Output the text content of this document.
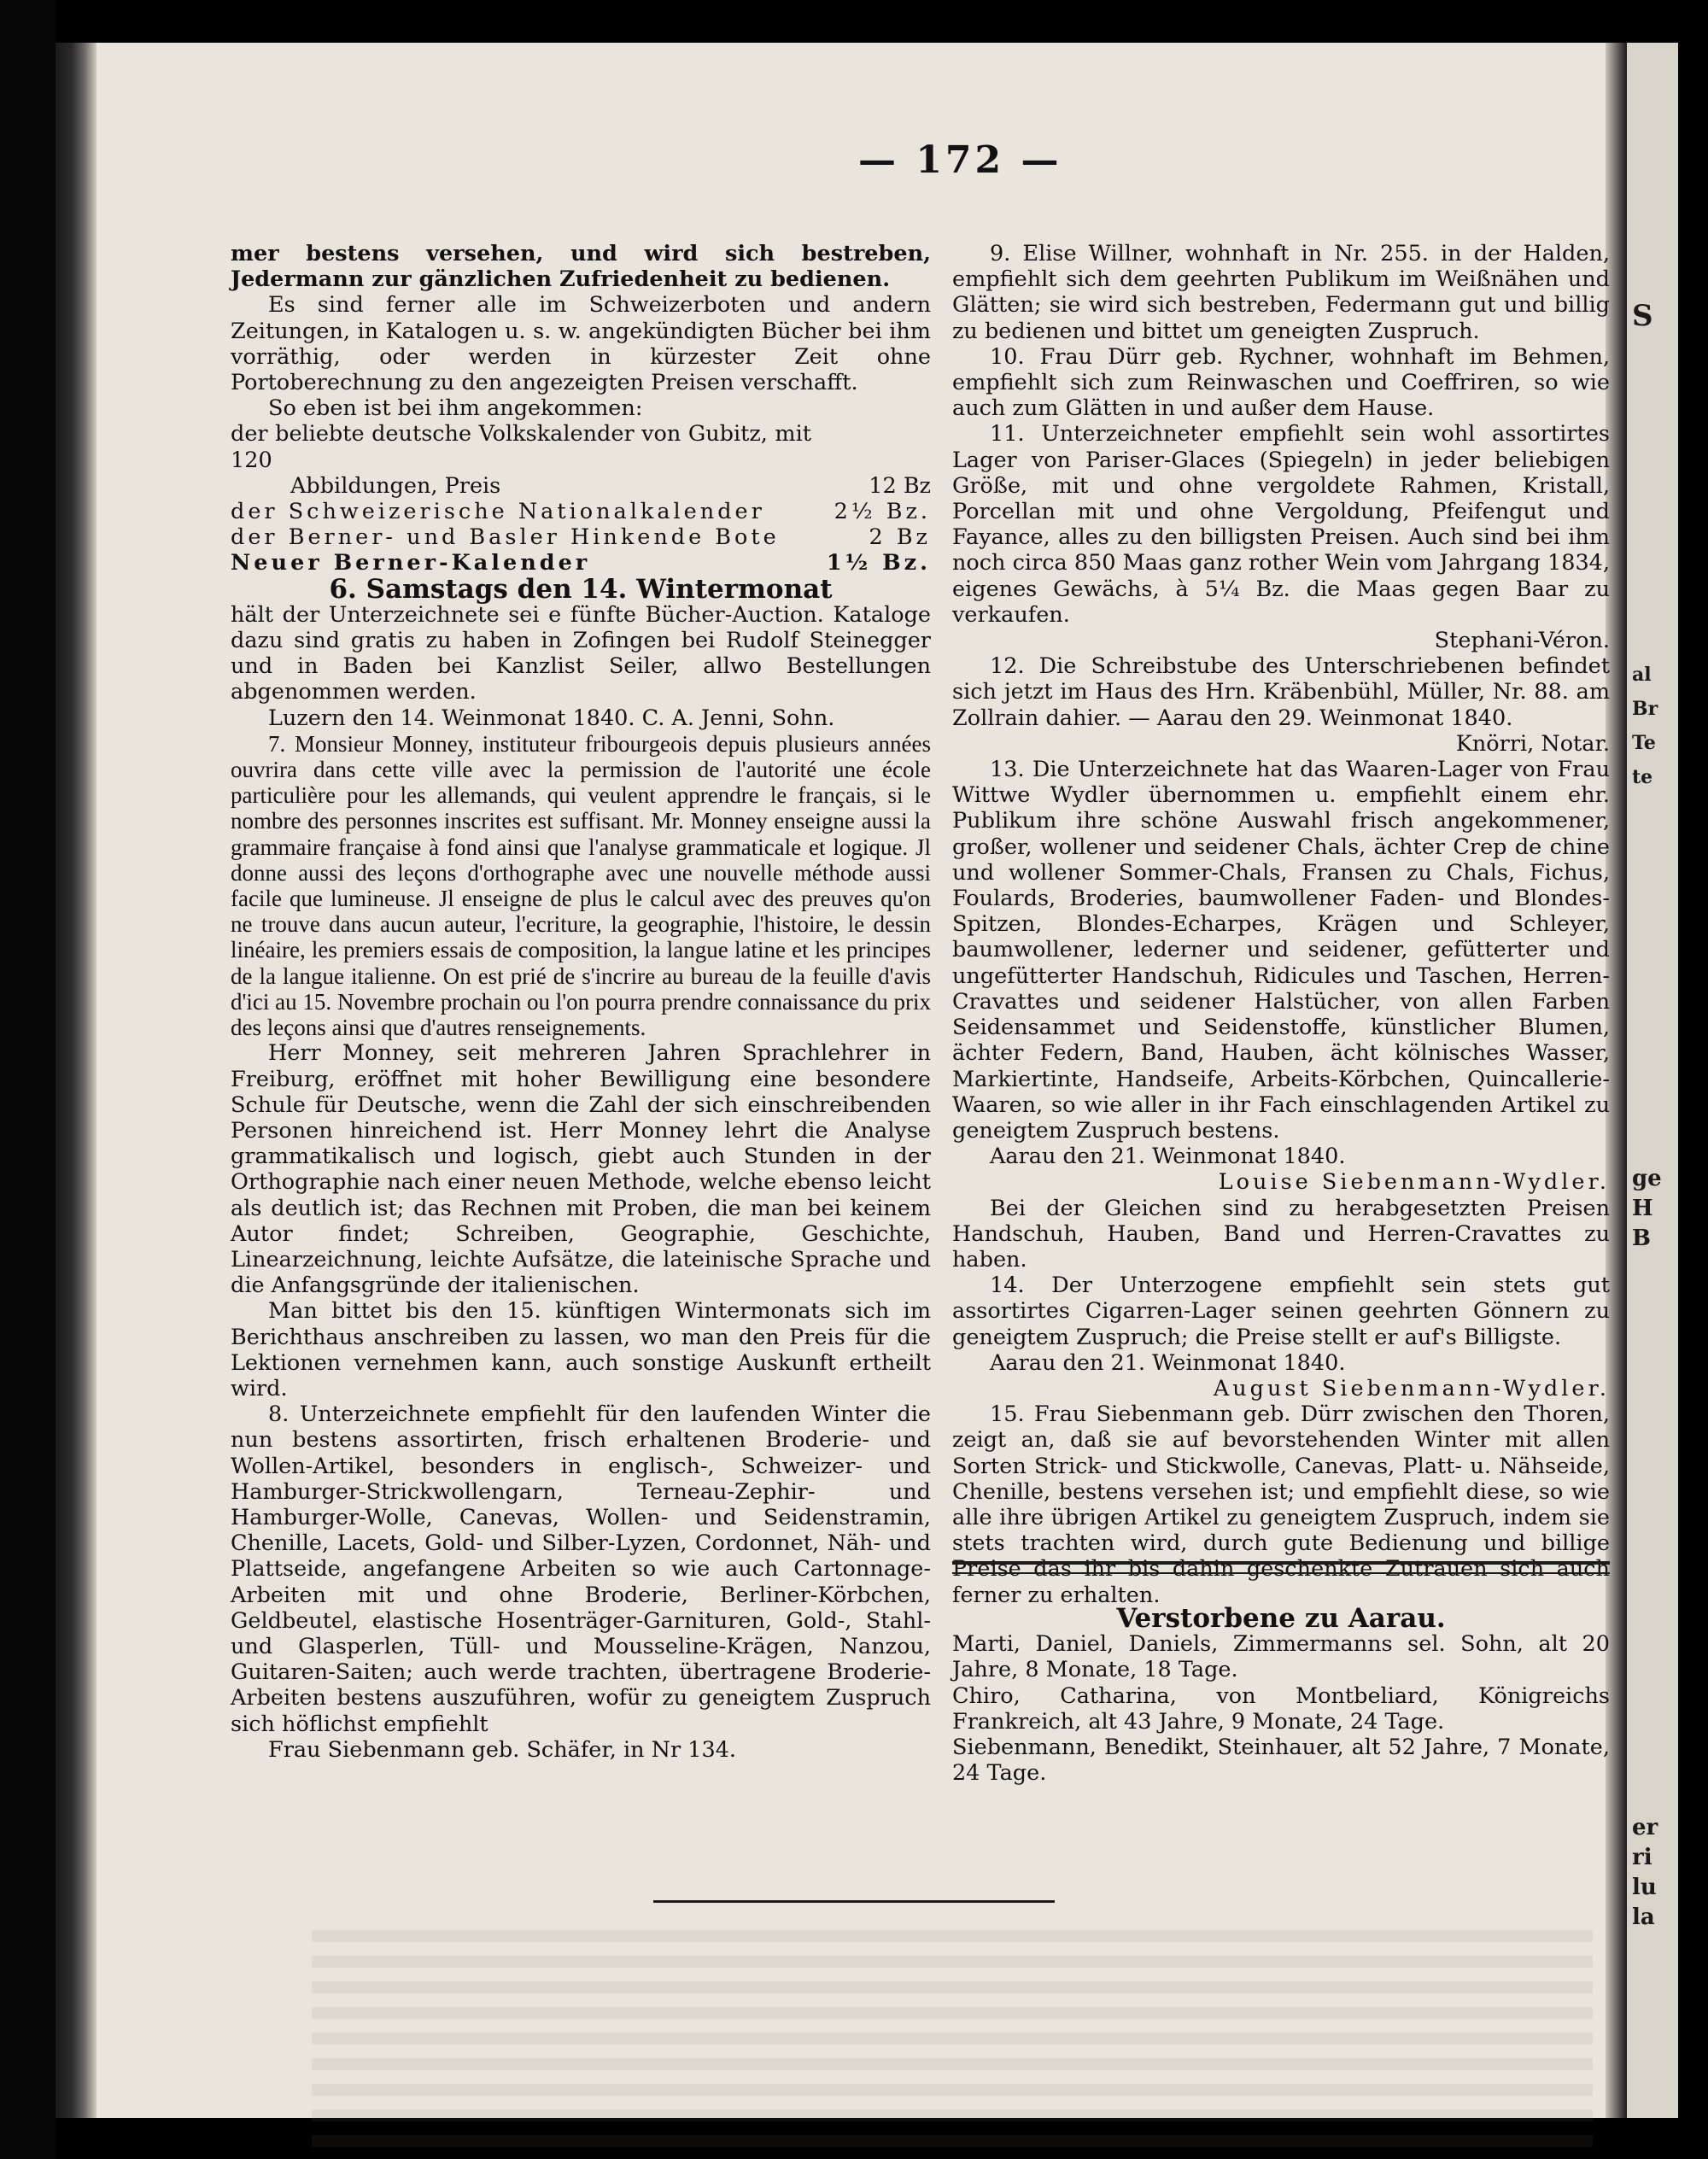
S
al
Br
Te
te
ge
H
B
er
ri
lu
la
— 172 —

mer bestens versehen, und wird sich bestreben, Jedermann zur gänzlichen Zufriedenheit zu bedienen.

Es sind ferner alle im Schweizerboten und andern Zeitungen, in Katalogen u. s. w. angekündigten Bücher bei ihm vorräthig, oder werden in kürzester Zeit ohne Portoberechnung zu den angezeigten Preisen verschafft.

So eben ist bei ihm angekommen:

der beliebte deutsche Volkskalender von Gubitz, mit 120
Abbildungen, Preis	12 Bz
der Schweizerische Nationalkalender	2½ Bz.
der Berner- und Basler Hinkende Bote	2 Bz
Neuer Berner-Kalender	1½ Bz.

6. Samstags den 14. Wintermonat

hält der Unterzeichnete sei e fünfte Bücher-Auction. Kataloge dazu sind gratis zu haben in Zofingen bei Rudolf Steinegger und in Baden bei Kanzlist Seiler, allwo Bestellungen abgenommen werden.

Luzern den 14. Weinmonat 1840. C. A. Jenni, Sohn.

7. Monsieur Monney, instituteur fribourgeois depuis plusieurs années ouvrira dans cette ville avec la permission de l'autorité une école particulière pour les allemands, qui veulent apprendre le français, si le nombre des personnes inscrites est suffisant. Mr. Monney enseigne aussi la grammaire française à fond ainsi que l'analyse grammaticale et logique. Jl donne aussi des leçons d'orthographe avec une nouvelle méthode aussi facile que lumineuse. Jl enseigne de plus le calcul avec des preuves qu'on ne trouve dans aucun auteur, l'ecriture, la geographie, l'histoire, le dessin linéaire, les premiers essais de composition, la langue latine et les principes de la langue italienne. On est prié de s'incrire au bureau de la feuille d'avis d'ici au 15. Novembre prochain ou l'on pourra prendre connaissance du prix des leçons ainsi que d'autres renseignements.

Herr Monney, seit mehreren Jahren Sprachlehrer in Freiburg, eröffnet mit hoher Bewilligung eine besondere Schule für Deutsche, wenn die Zahl der sich einschreibenden Personen hinreichend ist. Herr Monney lehrt die Analyse grammatikalisch und logisch, giebt auch Stunden in der Orthographie nach einer neuen Methode, welche ebenso leicht als deutlich ist; das Rechnen mit Proben, die man bei keinem Autor findet; Schreiben, Geographie, Geschichte, Linearzeichnung, leichte Aufsätze, die lateinische Sprache und die Anfangsgründe der italienischen.

Man bittet bis den 15. künftigen Wintermonats sich im Berichthaus anschreiben zu lassen, wo man den Preis für die Lektionen vernehmen kann, auch sonstige Auskunft ertheilt wird.

8. Unterzeichnete empfiehlt für den laufenden Winter die nun bestens assortirten, frisch erhaltenen Broderie- und Wollen-Artikel, besonders in englisch-, Schweizer- und Hamburger-Strickwollengarn, Terneau-Zephir- und Hamburger-Wolle, Canevas, Wollen- und Seidenstramin, Chenille, Lacets, Gold- und Silber-Lyzen, Cordonnet, Näh- und Plattseide, angefangene Arbeiten so wie auch Cartonnage-Arbeiten mit und ohne Broderie, Berliner-Körbchen, Geldbeutel, elastische Hosenträger-Garnituren, Gold-, Stahl- und Glasperlen, Tüll- und Mousseline-Krägen, Nanzou, Guitaren-Saiten; auch werde trachten, übertragene Broderie-Arbeiten bestens auszuführen, wofür zu geneigtem Zuspruch sich höflichst empfiehlt

Frau Siebenmann geb. Schäfer, in Nr 134.

9. Elise Willner, wohnhaft in Nr. 255. in der Halden, empfiehlt sich dem geehrten Publikum im Weißnähen und Glätten; sie wird sich bestreben, Federmann gut und billig zu bedienen und bittet um geneigten Zuspruch.

10. Frau Dürr geb. Rychner, wohnhaft im Behmen, empfiehlt sich zum Reinwaschen und Coeffriren, so wie auch zum Glätten in und außer dem Hause.

11. Unterzeichneter empfiehlt sein wohl assortirtes Lager von Pariser-Glaces (Spiegeln) in jeder beliebigen Größe, mit und ohne vergoldete Rahmen, Kristall, Porcellan mit und ohne Vergoldung, Pfeifengut und Fayance, alles zu den billigsten Preisen. Auch sind bei ihm noch circa 850 Maas ganz rother Wein vom Jahrgang 1834, eigenes Gewächs, à 5¼ Bz. die Maas gegen Baar zu verkaufen.

Stephani-Véron.

12. Die Schreibstube des Unterschriebenen befindet sich jetzt im Haus des Hrn. Kräbenbühl, Müller, Nr. 88. am Zollrain dahier. — Aarau den 29. Weinmonat 1840.

Knörri, Notar.

13. Die Unterzeichnete hat das Waaren-Lager von Frau Wittwe Wydler übernommen u. empfiehlt einem ehr. Publikum ihre schöne Auswahl frisch angekommener, großer, wollener und seidener Chals, ächter Crep de chine und wollener Sommer-Chals, Fransen zu Chals, Fichus, Foulards, Broderies, baumwollener Faden- und Blondes-Spitzen, Blondes-Echarpes, Krägen und Schleyer, baumwollener, lederner und seidener, gefütterter und ungefütterter Handschuh, Ridicules und Taschen, Herren-Cravattes und seidener Halstücher, von allen Farben Seidensammet und Seidenstoffe, künstlicher Blumen, ächter Federn, Band, Hauben, ächt kölnisches Wasser, Markiertinte, Handseife, Arbeits-Körbchen, Quincallerie-Waaren, so wie aller in ihr Fach einschlagenden Artikel zu geneigtem Zuspruch bestens.

Aarau den 21. Weinmonat 1840.

Louise Siebenmann-Wydler.

Bei der Gleichen sind zu herabgesetzten Preisen Handschuh, Hauben, Band und Herren-Cravattes zu haben.

14. Der Unterzogene empfiehlt sein stets gut assortirtes Cigarren-Lager seinen geehrten Gönnern zu geneigtem Zuspruch; die Preise stellt er auf's Billigste.

Aarau den 21. Weinmonat 1840.

August Siebenmann-Wydler.

15. Frau Siebenmann geb. Dürr zwischen den Thoren, zeigt an, daß sie auf bevorstehenden Winter mit allen Sorten Strick- und Stickwolle, Canevas, Platt- u. Nähseide, Chenille, bestens versehen ist; und empfiehlt diese, so wie alle ihre übrigen Artikel zu geneigtem Zuspruch, indem sie stets trachten wird, durch gute Bedienung und billige Preise das ihr bis dahin geschenkte Zutrauen sich auch ferner zu erhalten.

Verstorbene zu Aarau.

Marti, Daniel, Daniels, Zimmermanns sel. Sohn, alt 20 Jahre, 8 Monate, 18 Tage.

Chiro, Catharina, von Montbeliard, Königreichs Frankreich, alt 43 Jahre, 9 Monate, 24 Tage.

Siebenmann, Benedikt, Steinhauer, alt 52 Jahre, 7 Monate, 24 Tage.
